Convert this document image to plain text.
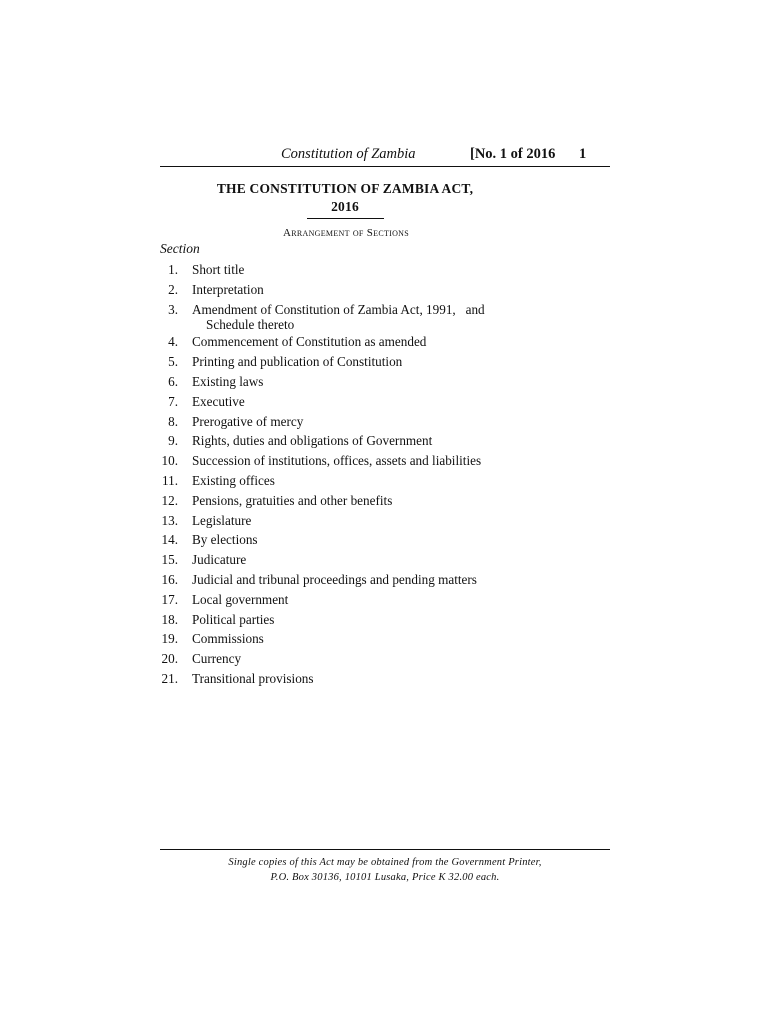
Constitution of Zambia	[No. 1 of 2016 1
THE CONSTITUTION OF ZAMBIA ACT,
2016
Arrangement of Sections
Section
1. Short title
2. Interpretation
3. Amendment of Constitution of Zambia Act, 1991,   and
Schedule thereto
4. Commencement of Constitution as amended
5. Printing and publication of Constitution
6. Existing laws
7. Executive
8. Prerogative of mercy
9. Rights, duties and obligations of Government
10. Succession of institutions, offices, assets and liabilities
11. Existing offices
12. Pensions, gratuities and other benefits
13. Legislature
14. By elections
15. Judicature
16. Judicial and tribunal proceedings and pending matters
17. Local government
18. Political parties
19. Commissions
20. Currency
21. Transitional provisions
Single copies of this Act may be obtained from the Government Printer,
P.O. Box 30136, 10101 Lusaka, Price K 32.00 each.
